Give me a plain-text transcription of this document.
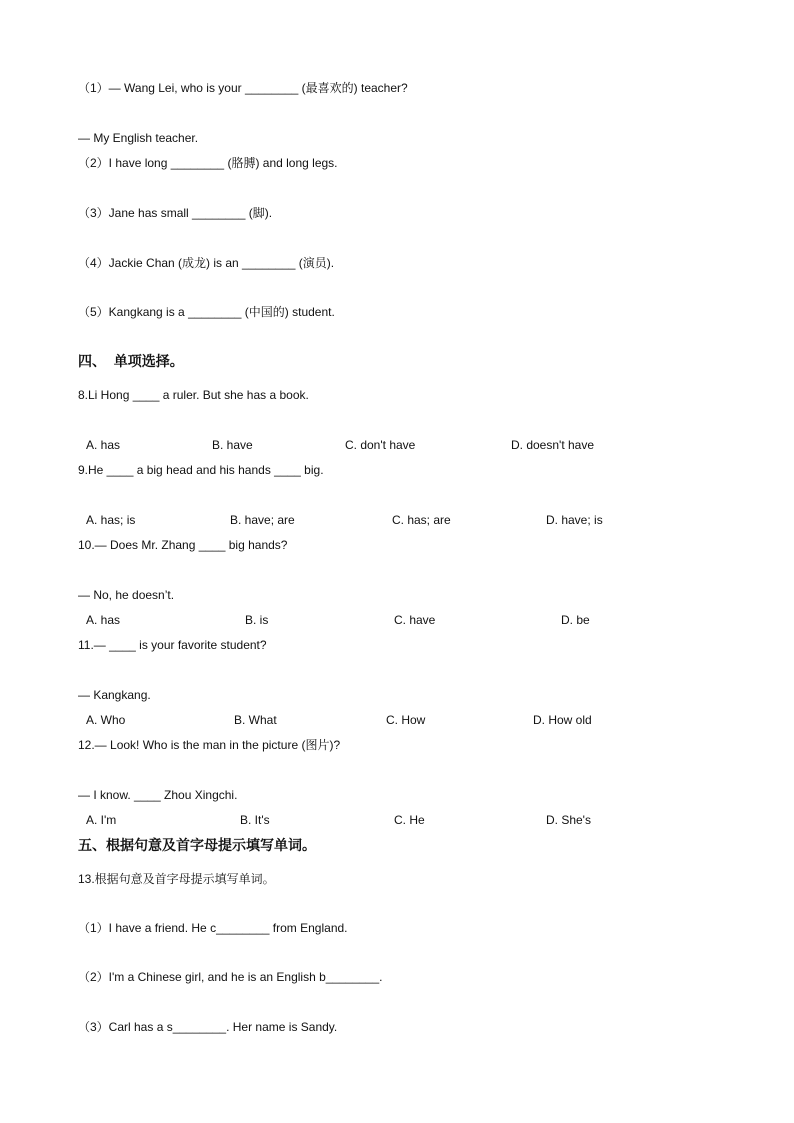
（1）— Wang Lei, who is your ________ (最喜欢的) teacher?
— My English teacher.
（2）I have long ________ (胳膊) and long legs.
（3）Jane has small ________ (脚).
（4）Jackie Chan (成龙) is an ________ (演员).
（5）Kangkang is a ________ (中国的) student.
四、  单项选择。
8.Li Hong ____ a ruler. But she has a book.
A. has	B. have	C. don't have	D. doesn't have
9.He ____ a big head and his hands ____ big.
A. has; is	B. have; are	C. has; are	D. have; is
10.— Does Mr. Zhang ____ big hands?
— No, he doesn’t.
A. has	B. is	C. have	D. be
11.— ____ is your favorite student?
— Kangkang.
A. Who	B. What	C. How	D. How old
12.— Look! Who is the man in the picture (图片)?
— I know. ____ Zhou Xingchi.
A. I'm	B. It's	C. He	D. She's
五、根据句意及首字母提示填写单词。
13.根据句意及首字母提示填写单词。
（1）I have a friend. He c________ from England.
（2）I'm a Chinese girl, and he is an English b________.
（3）Carl has a s________. Her name is Sandy.
